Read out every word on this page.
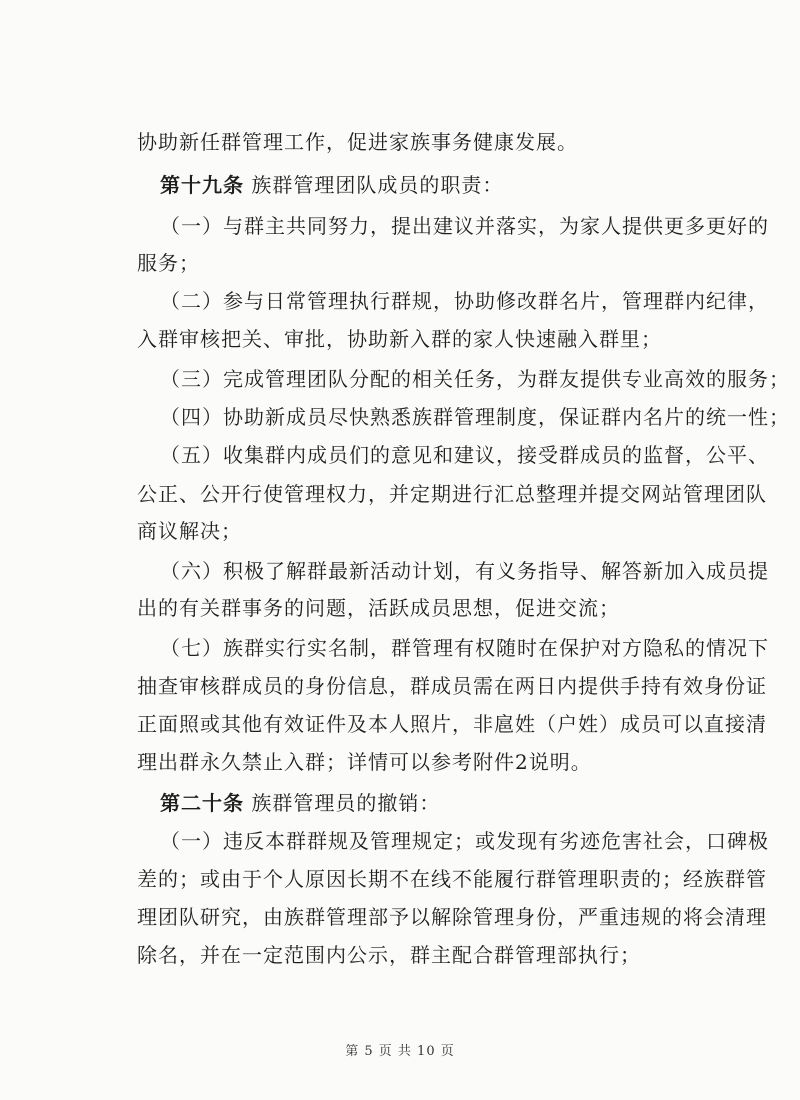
协助新任群管理工作，促进家族事务健康发展。
第十九条 族群管理团队成员的职责：
（一）与群主共同努力，提出建议并落实，为家人提供更多更好的
服务；
（二）参与日常管理执行群规，协助修改群名片，管理群内纪律，
入群审核把关、审批，协助新入群的家人快速融入群里；
（三）完成管理团队分配的相关任务，为群友提供专业高效的服务；
（四）协助新成员尽快熟悉族群管理制度，保证群内名片的统一性；
（五）收集群内成员们的意见和建议，接受群成员的监督，公平、
公正、公开行使管理权力，并定期进行汇总整理并提交网站管理团队
商议解决；
（六）积极了解群最新活动计划，有义务指导、解答新加入成员提
出的有关群事务的问题，活跃成员思想，促进交流；
（七）族群实行实名制，群管理有权随时在保护对方隐私的情况下
抽查审核群成员的身份信息，群成员需在两日内提供手持有效身份证
正面照或其他有效证件及本人照片，非扈姓（户姓）成员可以直接清
理出群永久禁止入群；详情可以参考附件2说明。
第二十条 族群管理员的撤销：
（一）违反本群群规及管理规定；或发现有劣迹危害社会，口碑极
差的；或由于个人原因长期不在线不能履行群管理职责的；经族群管
理团队研究，由族群管理部予以解除管理身份，严重违规的将会清理
除名，并在一定范围内公示，群主配合群管理部执行；
第 5 页 共 10 页
